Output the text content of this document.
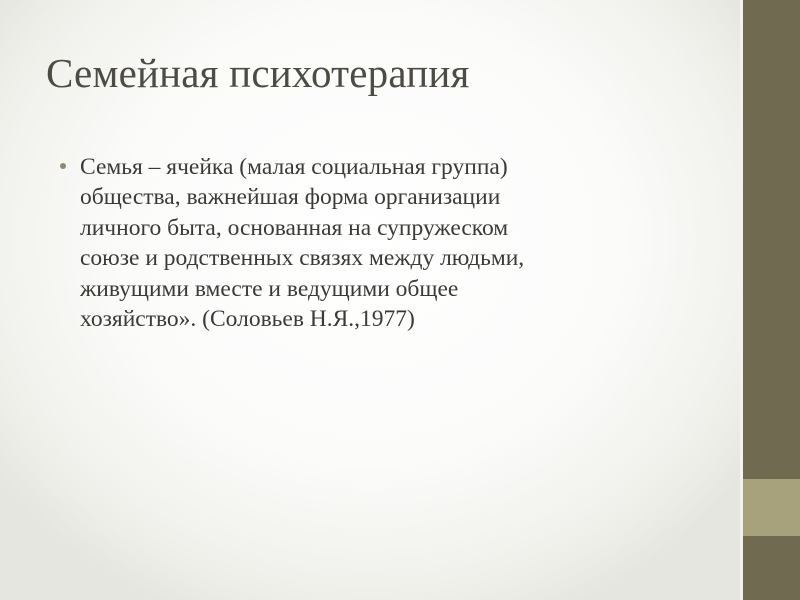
Семейная психотерапия
Семья – ячейка (малая социальная группа)
общества, важнейшая форма организации
личного быта, основанная на супружеском
союзе и родственных связях между людьми,
живущими вместе и ведущими общее
хозяйство». (Соловьев Н.Я.,1977)
